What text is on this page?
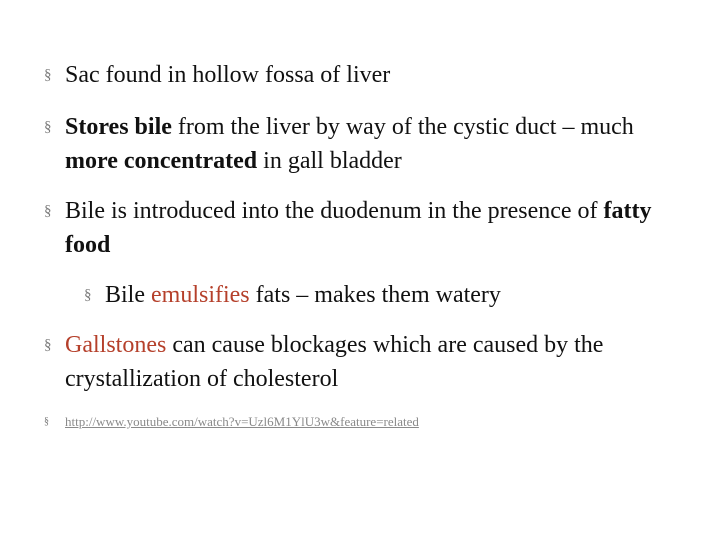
§ Sac found in hollow fossa of liver
§ Stores bile from the liver by way of the cystic duct – much more concentrated in gall bladder
§ Bile is introduced into the duodenum in the presence of fatty food
§ Bile emulsifies fats – makes them watery
§ Gallstones can cause blockages which are caused by the crystallization of cholesterol
§	http://www.youtube.com/watch?v=Uzl6M1YlU3w&feature=related
